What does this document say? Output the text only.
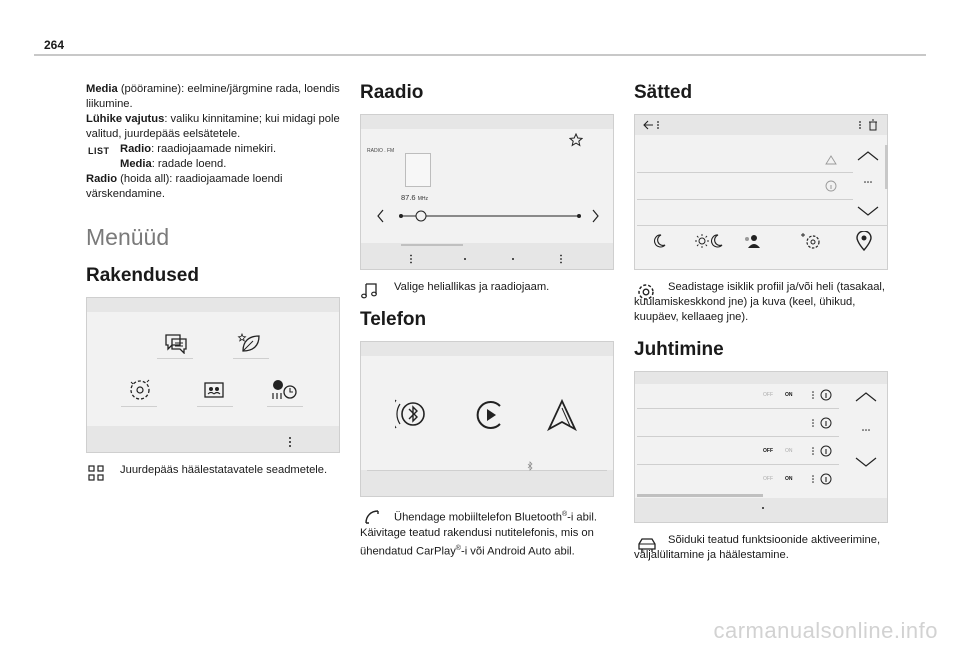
264

Media (pööramine): eelmine/järgmine rada, loendis liikumine.
Lühike vajutus: valiku kinnitamine; kui midagi pole valitud, juurdepääs eelsätetele.

LIST Radio: raadiojaamade nimekiri.
Media: radade loend.

Radio (hoida all): raadiojaamade loendi värskendamine.

Menüüd
Rakendused

Juurdepääs häälestatavatele seadmetele.

Raadio
RADIO . FM
87.6 MHz

Valige heliallikas ja raadiojaam.

Telefon

Ühendage mobiiltelefon Bluetooth®-i abil. Käivitage teatud rakendusi nutitelefonis, mis on ühendatud CarPlay®-i või Android Auto abil.

Sätted

Seadistage isiklik profiil ja/või heli (tasakaal, kuulamiskeskkond jne) ja kuva (keel, ühikud, kuupäev, kellaaeg jne).

Juhtimine
OFF ON
OFF ON
OFF ON

Sõiduki teatud funktsioonide aktiveerimine, väljalülitamine ja häälestamine.

carmanualsonline.info
